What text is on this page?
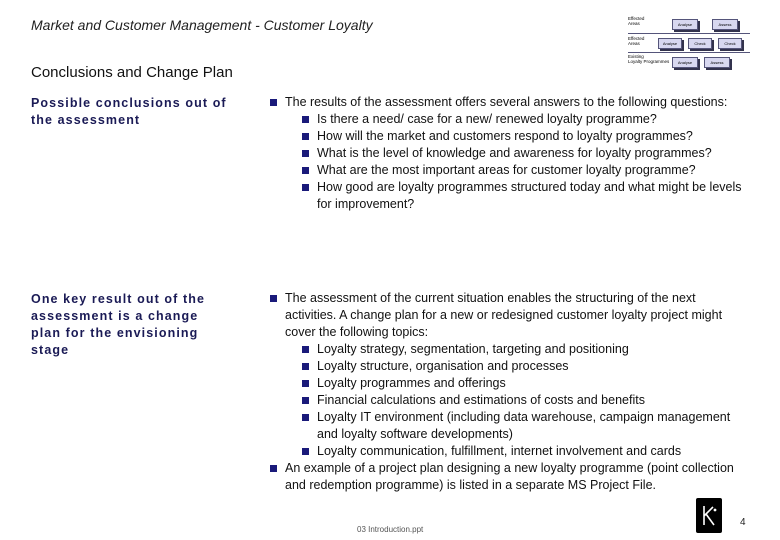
Market and Customer Management - Customer Loyalty
Conclusions and Change Plan
Effected
Areas	Analyse	Assess
Effected
Areas	Analyse	Check	Check
Existing
Loyalty Programmes	Analyse	Assess
Possible conclusions out of the assessment
The results of the assessment offers several answers to the following questions:
Is there a need/ case for a new/ renewed loyalty programme?
How will the market and customers respond to loyalty programmes?
What is the level of knowledge and awareness for loyalty programmes?
What are the most important areas for customer loyalty programme?
How good are loyalty programmes structured today and what might be levels for improvement?
One key result out of the assessment is a change plan for the envisioning stage
The assessment of the current situation enables the structuring of the next activities. A change plan for a new or redesigned customer loyalty project might cover the following topics:
Loyalty strategy, segmentation, targeting and positioning
Loyalty structure, organisation and processes
Loyalty programmes and offerings
Financial calculations and estimations of costs and benefits
Loyalty IT environment (including data warehouse, campaign management and loyalty software developments)
Loyalty communication, fulfillment, internet involvement and cards
An example of a project plan designing a new loyalty programme (point collection and redemption programme) is listed in a separate MS Project File.
03 Introduction.ppt
4
